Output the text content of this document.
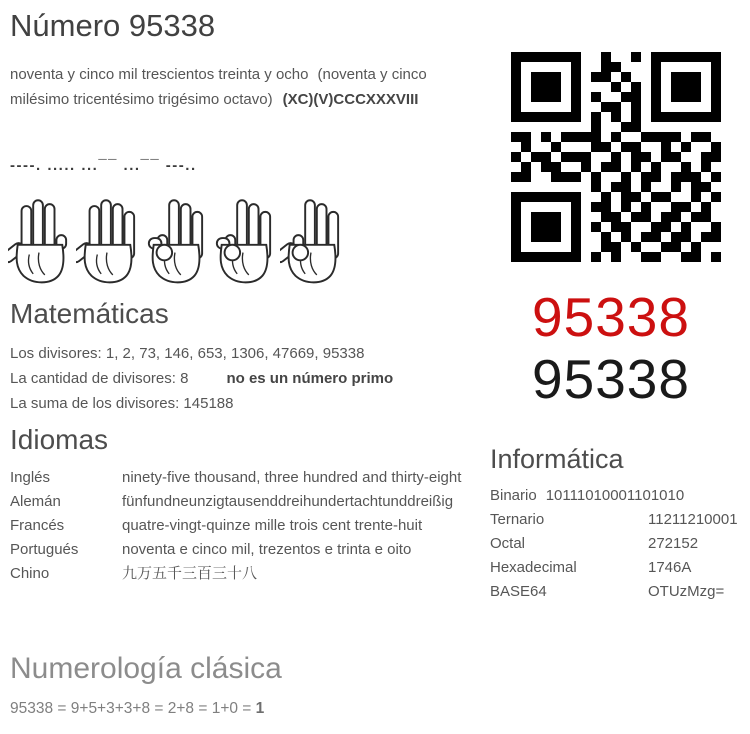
Número 95338

noventa y cinco mil trescientos treinta y ocho (noventa y cinco milésimo tricentésimo trigésimo octavo) (XC)(V)CCCXXXVIII

----. ..... ...¯¯ ...¯¯ ---..
95338
95338
Matemáticas
Los divisores: 1, 2, 73, 146, 653, 1306, 47669, 95338
La cantidad de divisores: 8	no es un número primo
La suma de los divisores: 145188
Idiomas
Inglés	ninety-five thousand, three hundred and thirty-eight
Alemán	fünfundneunzigtausenddreihundertachtunddreißig
Francés	quatre-vingt-quinze mille trois cent trente-huit
Portugués	noventa e cinco mil, trezentos e trinta e oito
Chino	九万五千三百三十八
Informática
Binario 10111010001101010
Ternario	11211210001
Octal	272152
Hexadecimal	1746A
BASE64	OTUzMzg=
Numerología clásica
95338 = 9+5+3+3+8 = 2+8 = 1+0 = 1
